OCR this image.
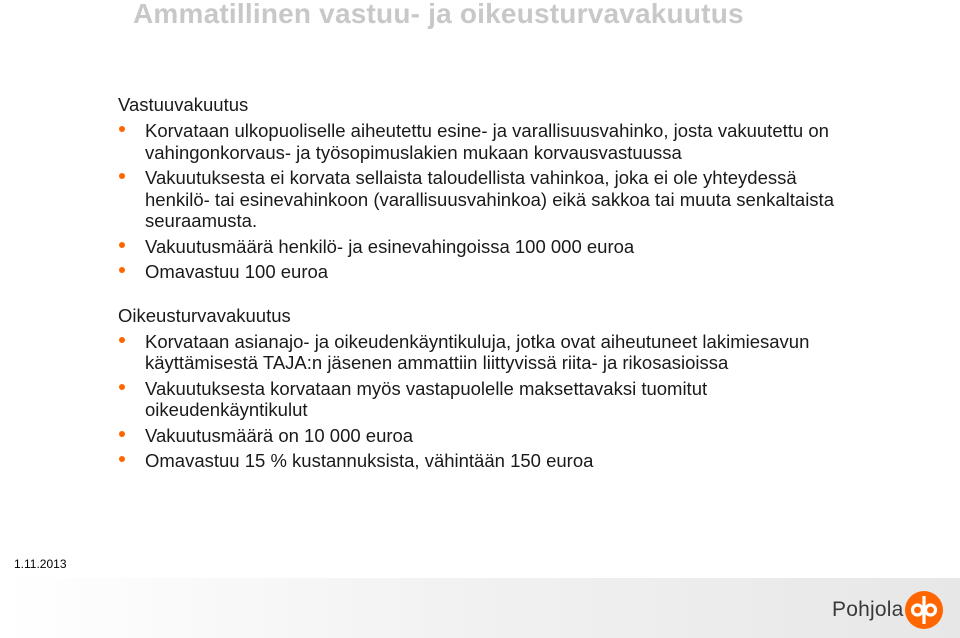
Ammatillinen vastuu- ja oikeusturvavakuutus
Vastuuvakuutus
Korvataan ulkopuoliselle aiheutettu esine- ja varallisuusvahinko, josta vakuutettu on vahingonkorvaus- ja työsopimuslakien mukaan korvausvastuussa
Vakuutuksesta ei korvata sellaista taloudellista vahinkoa, joka ei ole yhteydessä henkilö- tai esinevahinkoon (varallisuusvahinkoa) eikä sakkoa tai muuta senkaltaista seuraamusta.
Vakuutusmäärä henkilö- ja esinevahingoissa 100 000 euroa
Omavastuu 100 euroa
Oikeusturvavakuutus
Korvataan asianajo- ja oikeudenkäyntikuluja, jotka ovat aiheutuneet lakimiesavun käyttämisestä TAJA:n jäsenen ammattiin liittyvissä riita- ja rikosasioissa
Vakuutuksesta korvataan myös vastapuolelle maksettavaksi tuomitut oikeudenkäyntikulut
Vakuutusmäärä on 10 000 euroa
Omavastuu 15 % kustannuksista, vähintään 150 euroa
1.11.2013
Pohjola
